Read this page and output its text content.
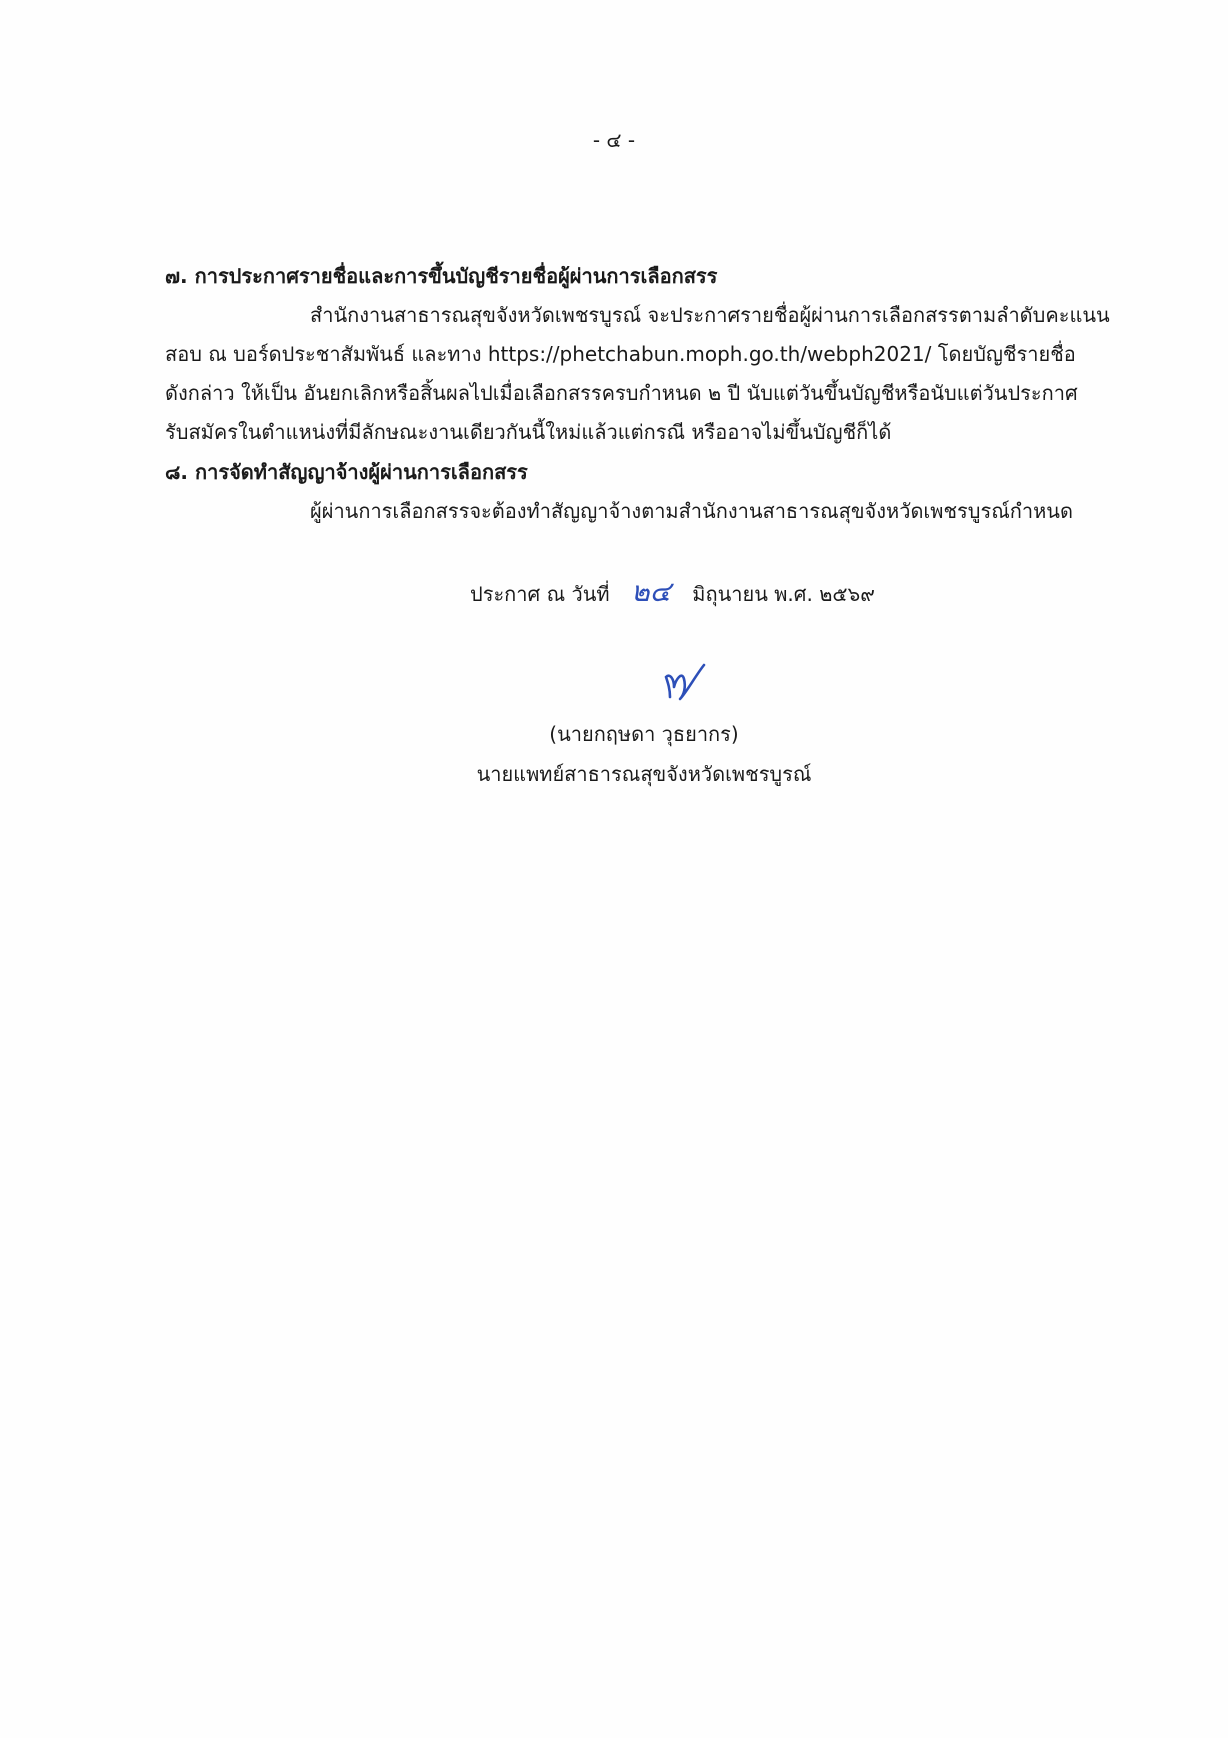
- ๔ -
๗. การประกาศรายชื่อและการขึ้นบัญชีรายชื่อผู้ผ่านการเลือกสรร
สำนักงานสาธารณสุขจังหวัดเพชรบูรณ์ จะประกาศรายชื่อผู้ผ่านการเลือกสรรตามลำดับคะแนน
สอบ ณ บอร์ดประชาสัมพันธ์ และทาง https://phetchabun.moph.go.th/webph2021/ โดยบัญชีรายชื่อ
ดังกล่าว ให้เป็น อันยกเลิกหรือสิ้นผลไปเมื่อเลือกสรรครบกำหนด ๒ ปี นับแต่วันขึ้นบัญชีหรือนับแต่วันประกาศ
รับสมัครในตำแหน่งที่มีลักษณะงานเดียวกันนี้ใหม่แล้วแต่กรณี หรืออาจไม่ขึ้นบัญชีก็ได้
๘. การจัดทำสัญญาจ้างผู้ผ่านการเลือกสรร
ผู้ผ่านการเลือกสรรจะต้องทำสัญญาจ้างตามสำนักงานสาธารณสุขจังหวัดเพชรบูรณ์กำหนด
ประกาศ ณ วันที่ ๒๔ มิถุนายน พ.ศ. ๒๕๖๙
(นายกฤษดา วุธยากร)
นายแพทย์สาธารณสุขจังหวัดเพชรบูรณ์
